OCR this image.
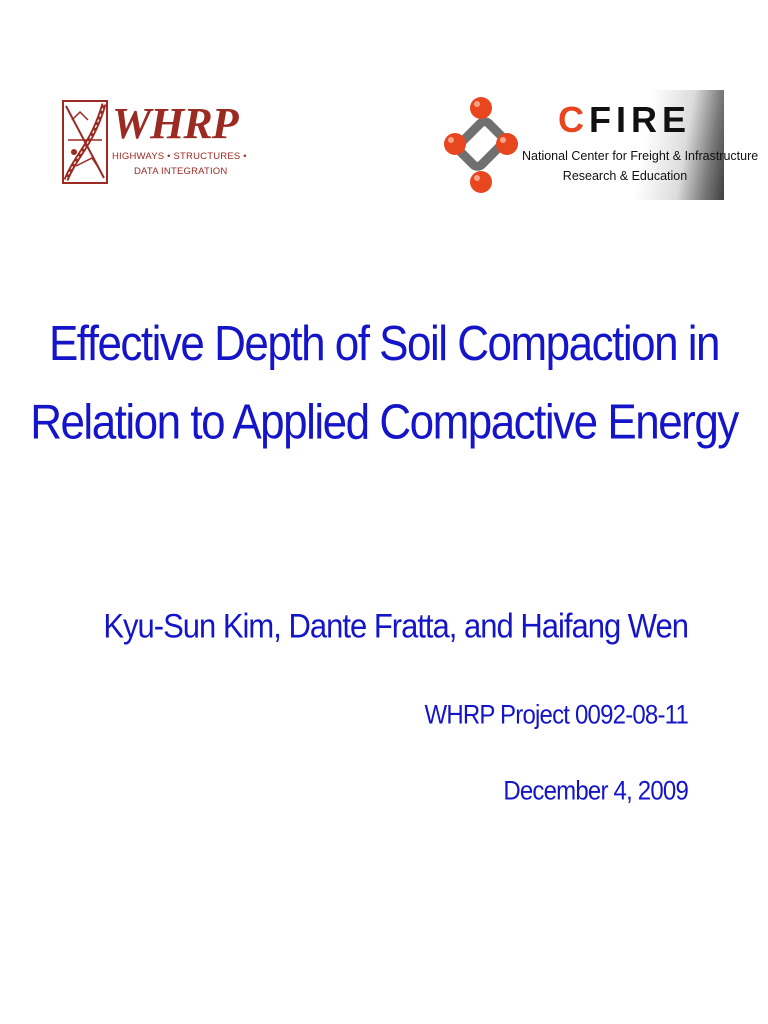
WHRP
HIGHWAYS • STRUCTURES •
DATA INTEGRATION
CFIRE
National Center for Freight & Infrastructure
Research & Education
Effective Depth of Soil Compaction in
Relation to Applied Compactive Energy
Kyu-Sun Kim, Dante Fratta, and Haifang Wen
WHRP Project 0092-08-11
December 4, 2009
